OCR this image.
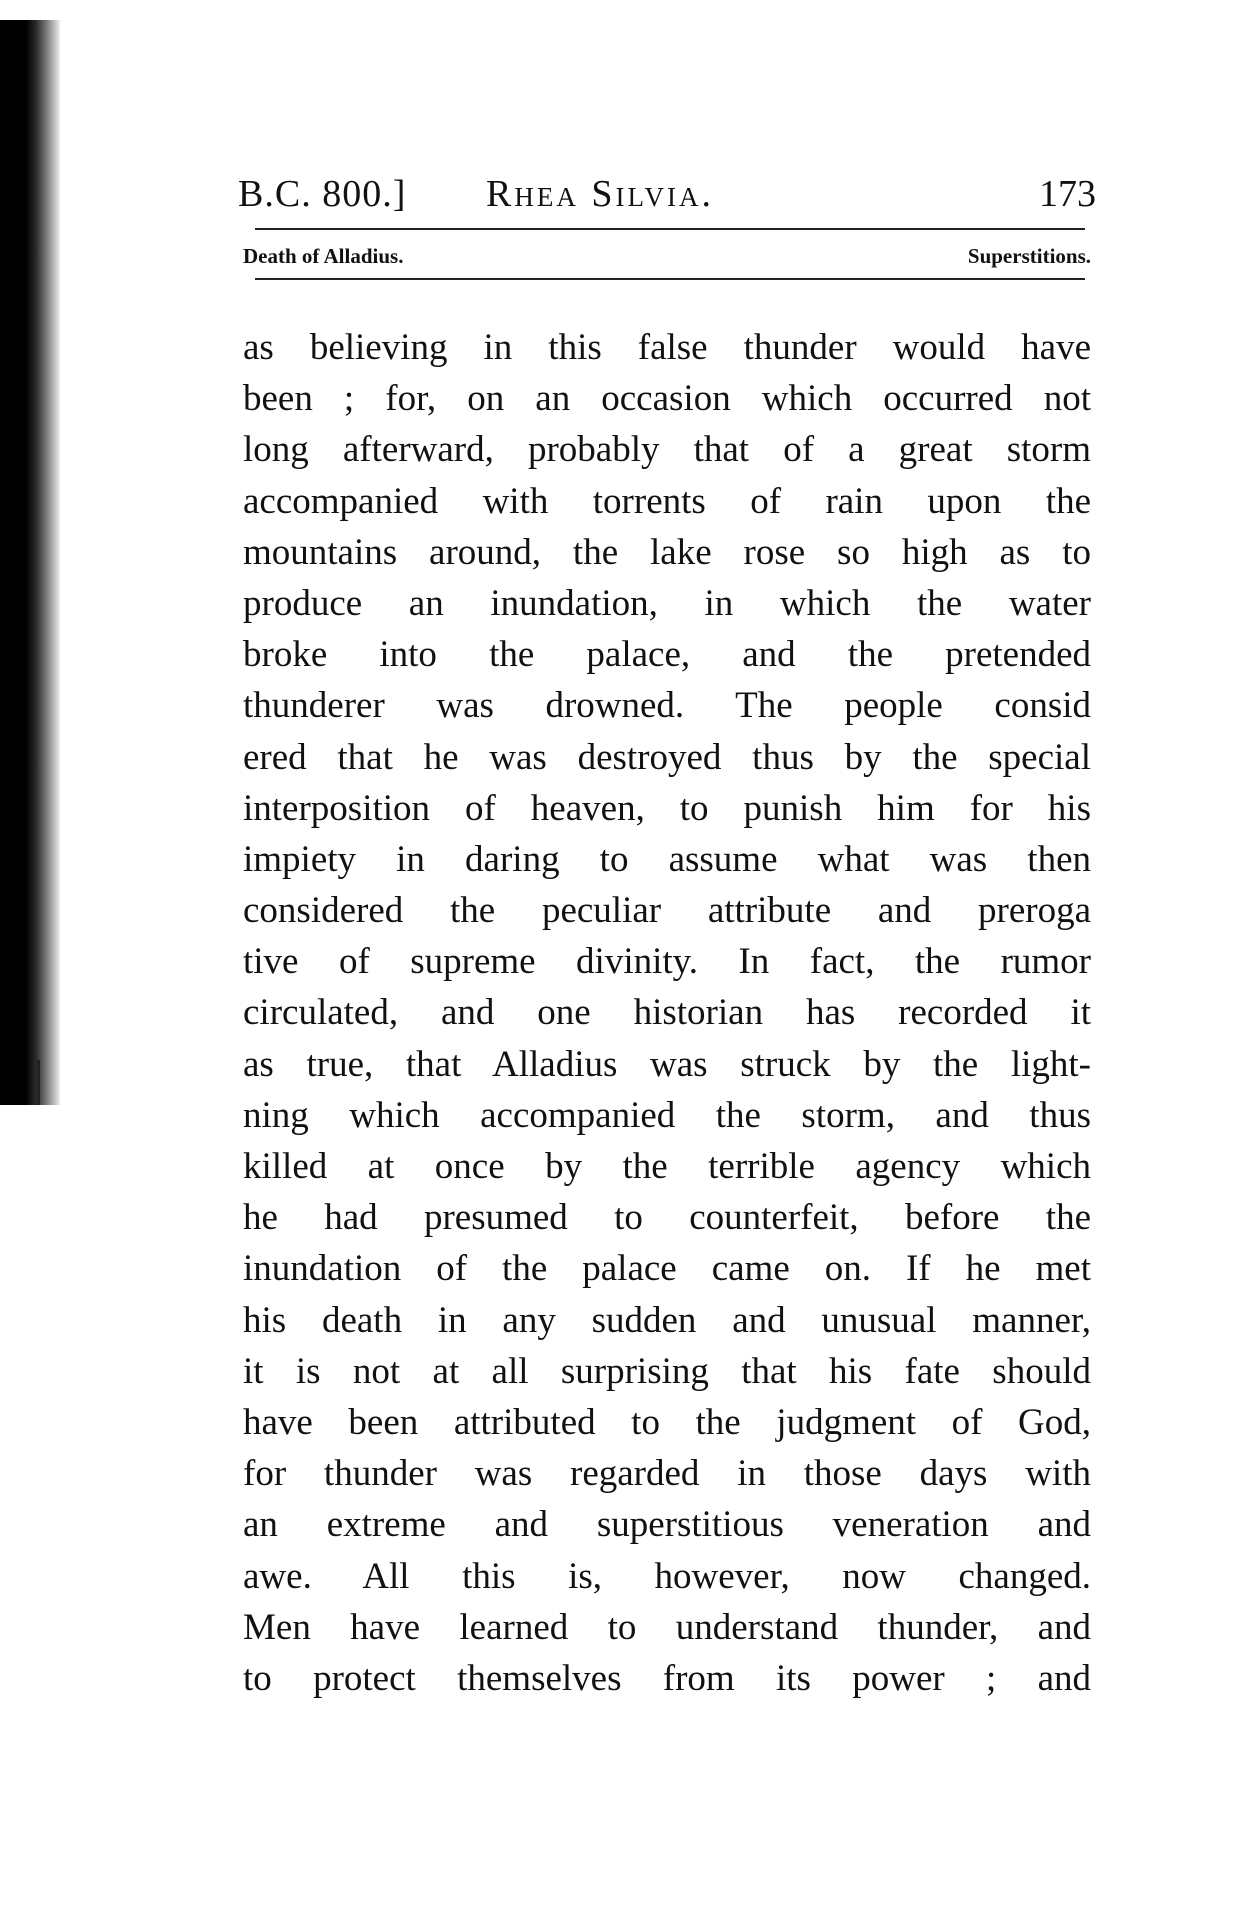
B.C. 800.] Rhea Silvia.	173
Death of Alladius.	Superstitions.
as believing in this false thunder would have
been ; for, on an occasion which occurred not
long afterward, probably that of a great storm
accompanied with torrents of rain upon the
mountains around, the lake rose so high as to
produce an inundation, in which the water
broke into the palace, and the pretended
thunderer was drowned. The people consid
ered that he was destroyed thus by the special
interposition of heaven, to punish him for his
impiety in daring to assume what was then
considered the peculiar attribute and preroga
tive of supreme divinity. In fact, the rumor
circulated, and one historian has recorded it
as true, that Alladius was struck by the light-
ning which accompanied the storm, and thus
killed at once by the terrible agency which
he had presumed to counterfeit, before the
inundation of the palace came on. If he met
his death in any sudden and unusual manner,
it is not at all surprising that his fate should
have been attributed to the judgment of God,
for thunder was regarded in those days with
an extreme and superstitious veneration and
awe. All this is, however, now changed.
Men have learned to understand thunder, and
to protect themselves from its power ; and
